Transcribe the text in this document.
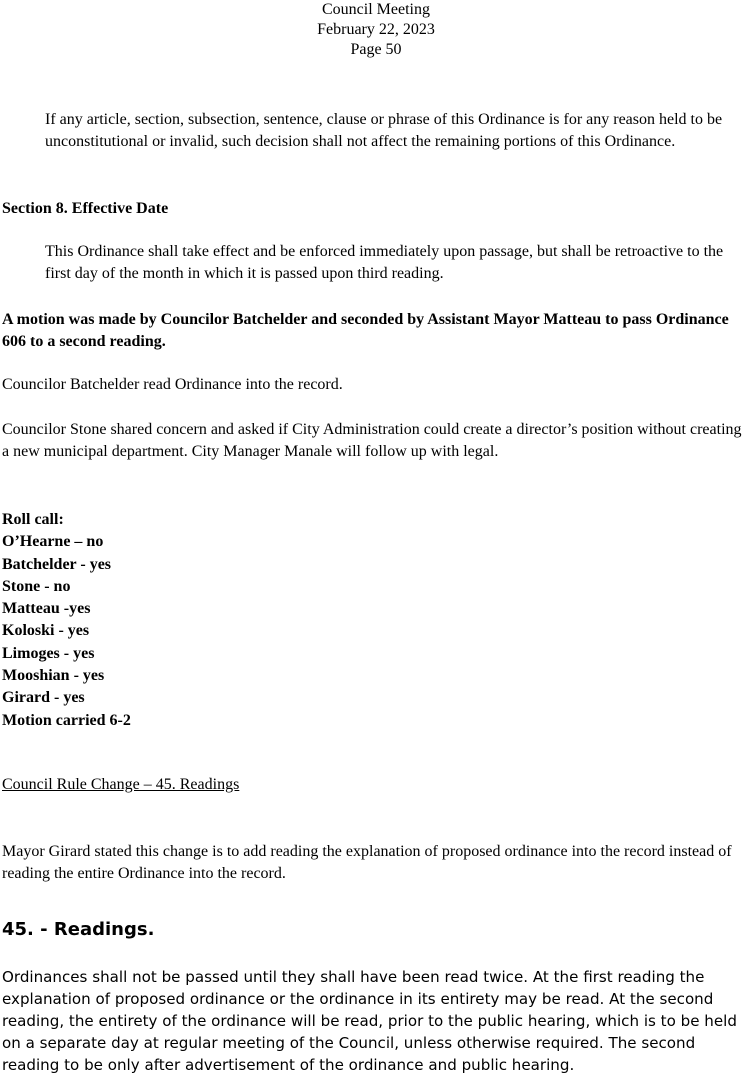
Council Meeting
February 22, 2023
Page 50
If any article, section, subsection, sentence, clause or phrase of this Ordinance is for any reason held to be unconstitutional or invalid, such decision shall not affect the remaining portions of this Ordinance.
Section 8. Effective Date
This Ordinance shall take effect and be enforced immediately upon passage, but shall be retroactive to the first day of the month in which it is passed upon third reading.
A motion was made by Councilor Batchelder and seconded by Assistant Mayor Matteau to pass Ordinance 606 to a second reading.
Councilor Batchelder read Ordinance into the record.
Councilor Stone shared concern and asked if City Administration could create a director’s position without creating a new municipal department. City Manager Manale will follow up with legal.
Roll call:
O’Hearne – no
Batchelder - yes
Stone - no
Matteau -yes
Koloski - yes
Limoges - yes
Mooshian - yes
Girard - yes
Motion carried 6-2
Council Rule Change – 45. Readings
Mayor Girard stated this change is to add reading the explanation of proposed ordinance into the record instead of reading the entire Ordinance into the record.
45. - Readings.
Ordinances shall not be passed until they shall have been read twice. At the first reading the explanation of proposed ordinance or the ordinance in its entirety may be read. At the second reading, the entirety of the ordinance will be read, prior to the public hearing, which is to be held on a separate day at regular meeting of the Council, unless otherwise required. The second reading to be only after advertisement of the ordinance and public hearing.
